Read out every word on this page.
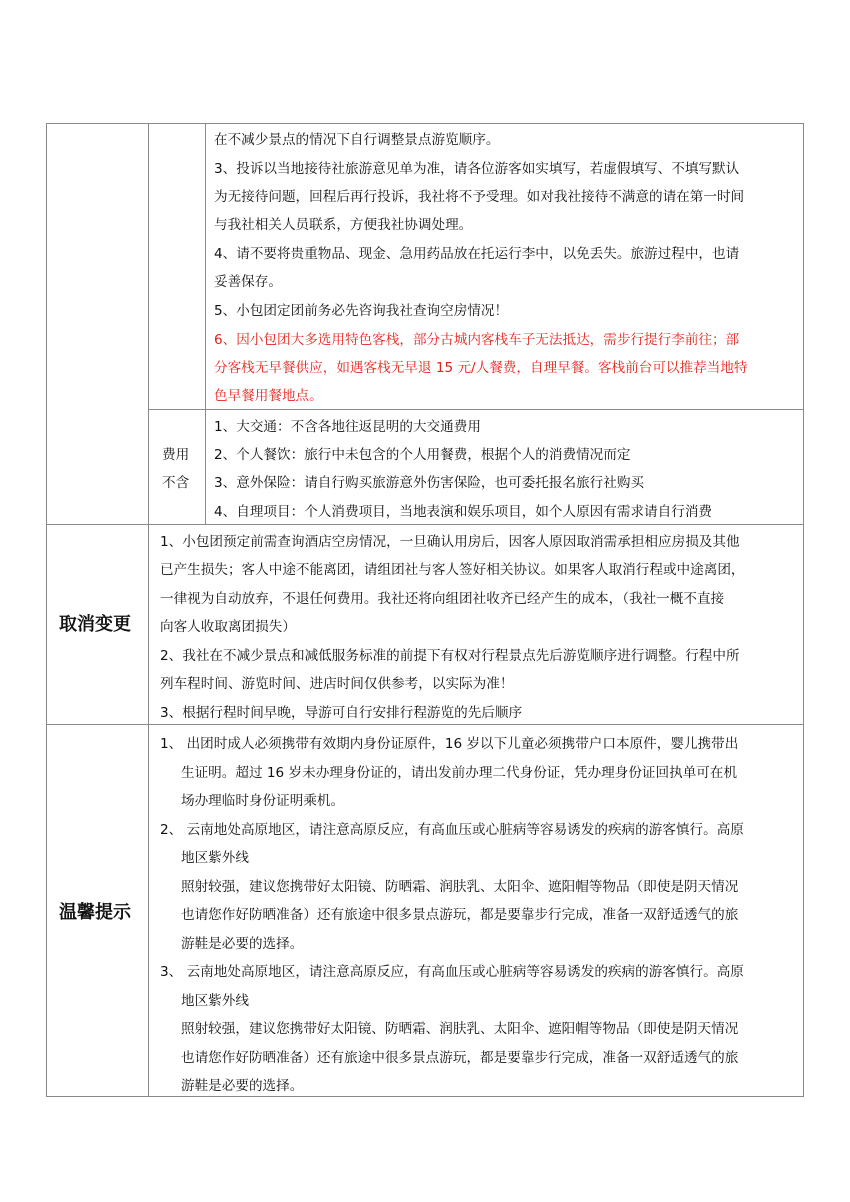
在不减少景点的情况下自行调整景点游览顺序。
3、投诉以当地接待社旅游意见单为准，请各位游客如实填写，若虚假填写、不填写默认
为无接待问题，回程后再行投诉，我社将不予受理。如对我社接待不满意的请在第一时间
与我社相关人员联系，方便我社协调处理。
4、请不要将贵重物品、现金、急用药品放在托运行李中，以免丢失。旅游过程中，也请
妥善保存。
5、小包团定团前务必先咨询我社查询空房情况！
6、因小包团大多选用特色客栈，部分古城内客栈车子无法抵达，需步行提行李前往；部
分客栈无早餐供应，如遇客栈无早退 15 元/人餐费，自理早餐。客栈前台可以推荐当地特
色早餐用餐地点。
费用
不含
1、大交通：不含各地往返昆明的大交通费用
2、个人餐饮：旅行中未包含的个人用餐费，根据个人的消费情况而定
3、意外保险：请自行购买旅游意外伤害保险，也可委托报名旅行社购买
4、自理项目：个人消费项目，当地表演和娱乐项目，如个人原因有需求请自行消费
取消变更
1、小包团预定前需查询酒店空房情况，一旦确认用房后，因客人原因取消需承担相应房损及其他
已产生损失；客人中途不能离团，请组团社与客人签好相关协议。如果客人取消行程或中途离团，
一律视为自动放弃，不退任何费用。我社还将向组团社收齐已经产生的成本，（我社一概不直接
向客人收取离团损失）
2、我社在不减少景点和减低服务标准的前提下有权对行程景点先后游览顺序进行调整。行程中所
列车程时间、游览时间、进店时间仅供参考，以实际为准！
3、根据行程时间早晚，导游可自行安排行程游览的先后顺序
温馨提示
1、 出团时成人必须携带有效期内身份证原件，16 岁以下儿童必须携带户口本原件，婴儿携带出
生证明。超过 16 岁未办理身份证的，请出发前办理二代身份证，凭办理身份证回执单可在机
场办理临时身份证明乘机。
2、 云南地处高原地区，请注意高原反应，有高血压或心脏病等容易诱发的疾病的游客慎行。高原
地区紫外线
照射较强，建议您携带好太阳镜、防晒霜、润肤乳、太阳伞、遮阳帽等物品（即使是阴天情况
也请您作好防晒准备）还有旅途中很多景点游玩，都是要靠步行完成，准备一双舒适透气的旅
游鞋是必要的选择。
3、 云南地处高原地区，请注意高原反应，有高血压或心脏病等容易诱发的疾病的游客慎行。高原
地区紫外线
照射较强，建议您携带好太阳镜、防晒霜、润肤乳、太阳伞、遮阳帽等物品（即使是阴天情况
也请您作好防晒准备）还有旅途中很多景点游玩，都是要靠步行完成，准备一双舒适透气的旅
游鞋是必要的选择。
